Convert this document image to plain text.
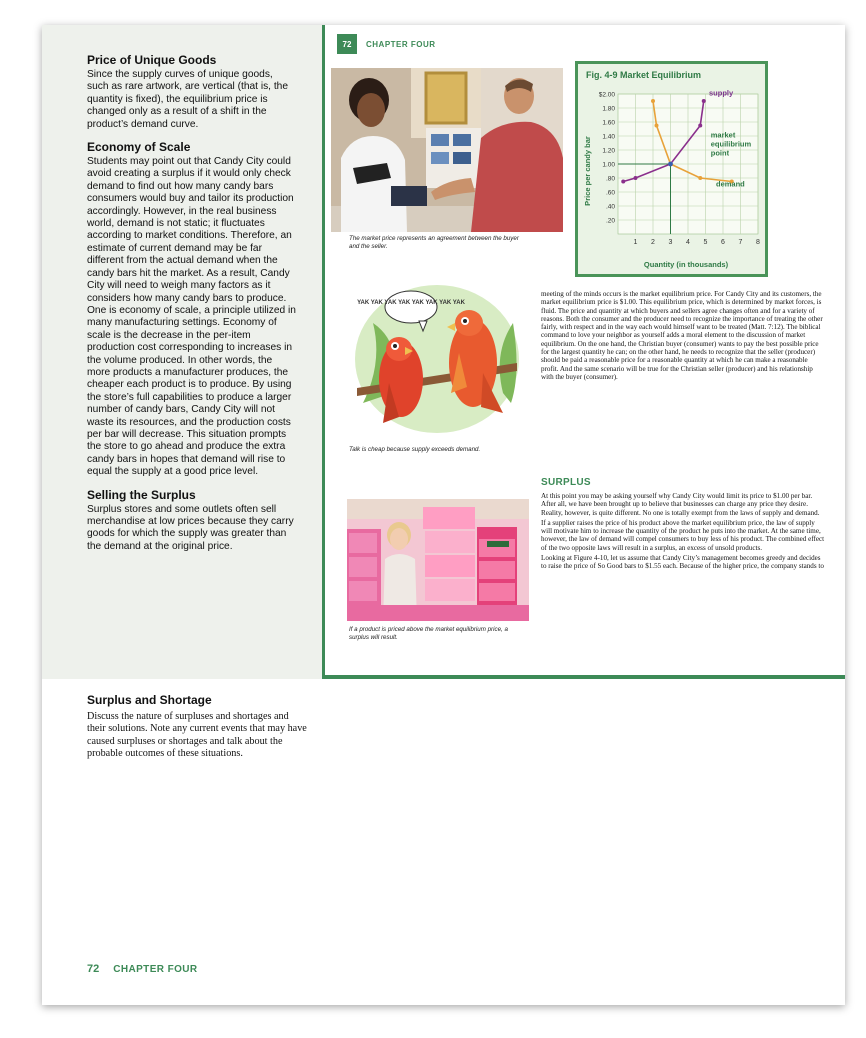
Price of Unique Goods

Since the supply curves of unique goods, such as rare artwork, are vertical (that is, the quantity is fixed), the equilibrium price is changed only as a result of a shift in the product’s demand curve.

Economy of Scale

Students may point out that Candy City could avoid creating a surplus if it would only check demand to find out how many candy bars consumers would buy and tailor its production accordingly. However, in the real business world, demand is not static; it fluctuates according to market conditions. Therefore, an estimate of current demand may be far different from the actual demand when the candy bars hit the market. As a result, Candy City will need to weigh many factors as it considers how many candy bars to produce. One is economy of scale, a principle utilized in many manufacturing settings. Economy of scale is the decrease in the per-item production cost corresponding to increases in the volume produced. In other words, the more products a manufacturer produces, the cheaper each product is to produce. By using the store’s full capabilities to produce a larger number of candy bars, Candy City will not waste its resources, and the production costs per bar will decrease. This situation prompts the store to go ahead and produce the extra candy bars in hopes that demand will rise to equal the supply at a good price level.

Selling the Surplus

Surplus stores and some outlets often sell merchandise at low prices because they carry goods for which the supply was greater than the demand at the original price.

72	CHAPTER FOUR
The market price represents an agreement between the buyer and the seller.
Fig. 4-9 Market Equilibrium
$2.00
1.80
1.60
1.40
1.20
1.00
.80
.60
.40
.20
1 2 3 4 5 6 7 8
Price per candy bar
Quantity (in thousands)
supply
market
equilibrium
point
demand
YAK YAK YAK YAK YAK YAK YAK YAK
Talk is cheap because supply exceeds demand.
If a product is priced above the market equilibrium price, a surplus will result.

meeting of the minds occurs is the market equilibrium price. For Candy City and its customers, the market equilibrium price is $1.00. This equilibrium price, which is determined by market forces, is fluid. The price and quantity at which buyers and sellers agree changes often and for a variety of reasons. Both the consumer and the producer need to recognize the importance of treating the other fairly, with respect and in the way each would himself want to be treated (Matt. 7:12). The biblical command to love your neighbor as yourself adds a moral element to the discussion of market equilibrium. On the one hand, the Christian buyer (consumer) wants to pay the best possible price for the largest quantity he can; on the other hand, he needs to recognize that the seller (producer) should be paid a reasonable price for a reasonable quantity at which he can make a reasonable profit. And the same scenario will be true for the Christian seller (producer) and his relationship with the buyer (consumer).

SURPLUS

At this point you may be asking yourself why Candy City would limit its price to $1.00 per bar. After all, we have been brought up to believe that businesses can charge any price they desire. Reality, however, is quite different. No one is totally exempt from the laws of supply and demand.

If a supplier raises the price of his product above the market equilibrium price, the law of supply will motivate him to increase the quantity of the product he puts into the market. At the same time, however, the law of demand will compel consumers to buy less of his product. The combined effect of the two opposite laws will result in a surplus, an excess of unsold products.

Looking at Figure 4-10, let us assume that Candy City’s management becomes greedy and decides to raise the price of So Good bars to $1.55 each. Because of the higher price, the company stands to

Surplus and Shortage

Discuss the nature of surpluses and shortages and their solutions. Note any current events that may have caused surpluses or shortages and talk about the probable outcomes of these situations.

72 CHAPTER FOUR
